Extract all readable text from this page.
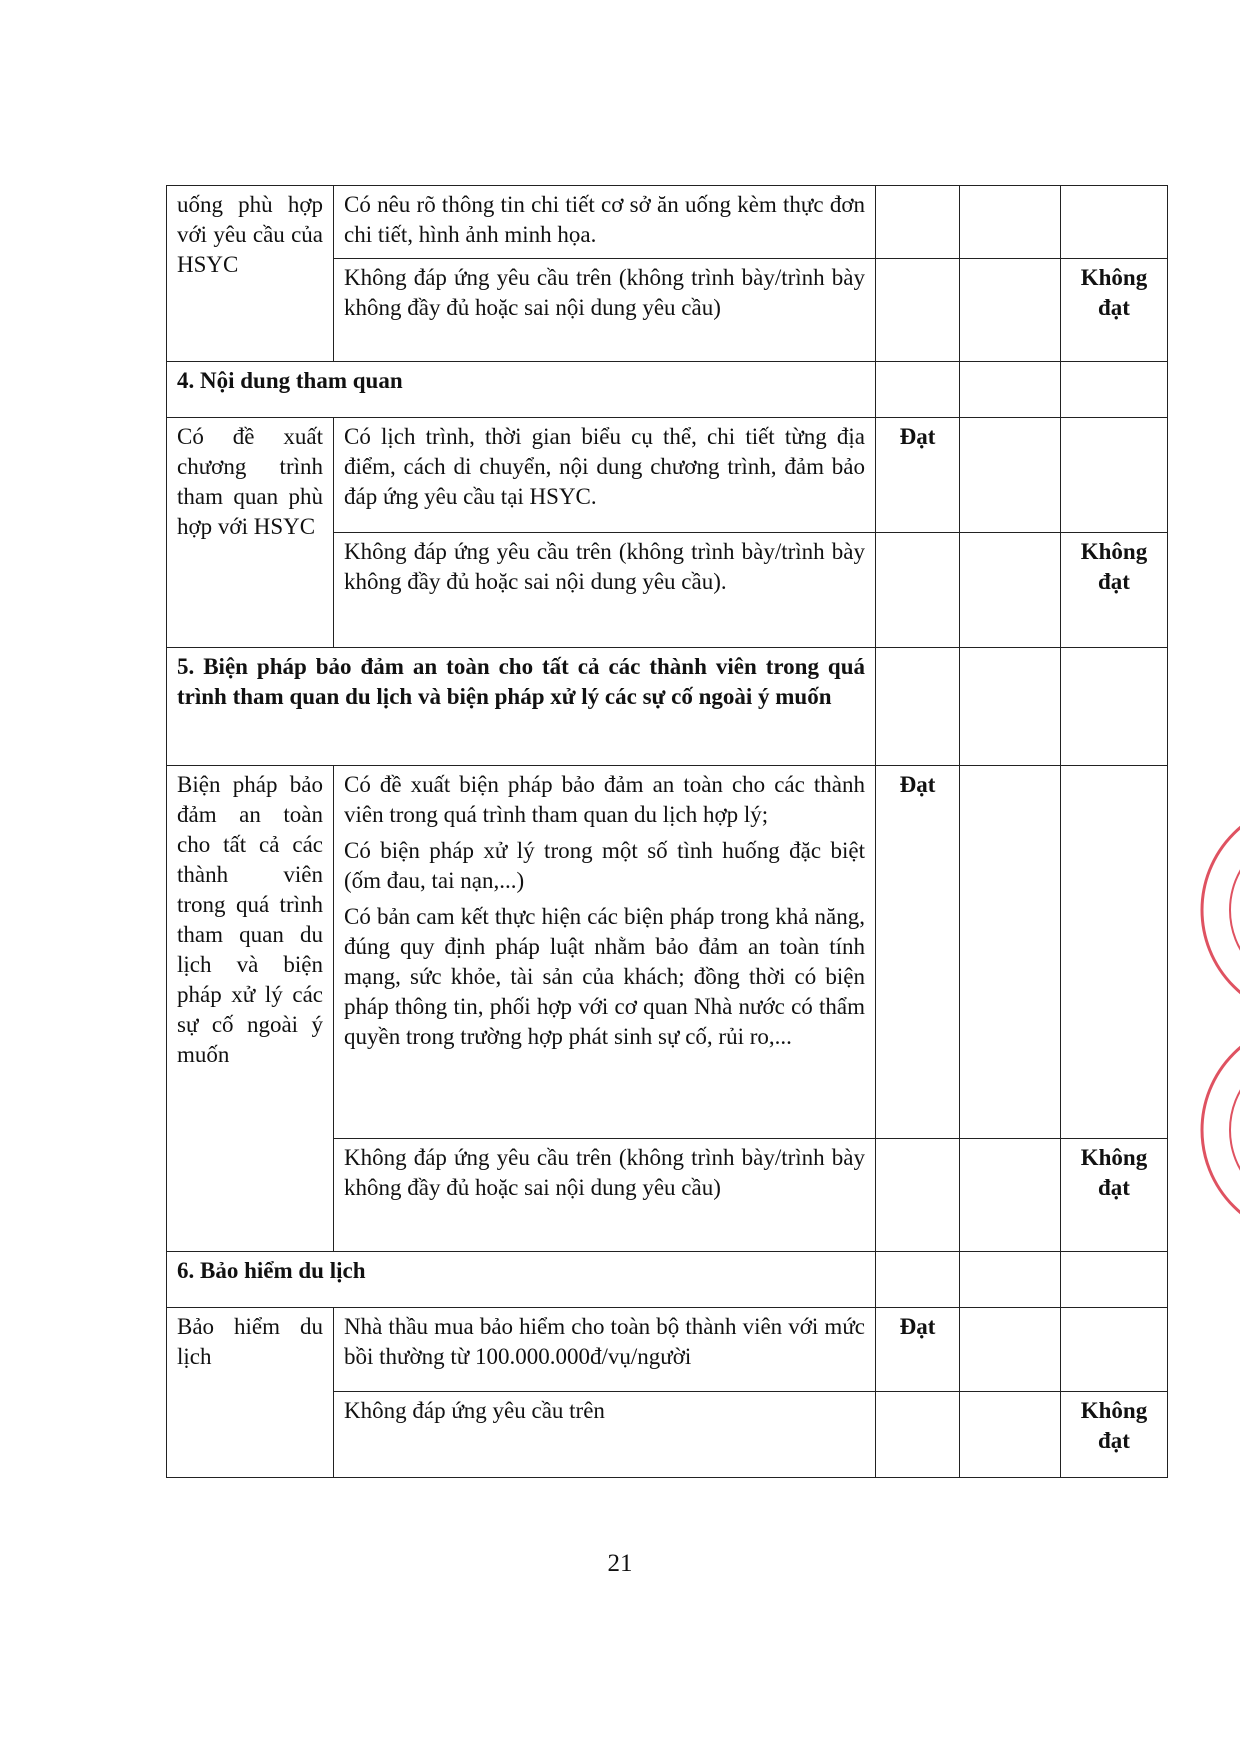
uống phù hợp với yêu cầu của HSYC	Có nêu rõ thông tin chi tiết cơ sở ăn uống kèm thực đơn chi tiết, hình ảnh minh họa.			
	Không đáp ứng yêu cầu trên (không trình bày/trình bày không đầy đủ hoặc sai nội dung yêu cầu)			Không đạt
4. Nội dung tham quan				
Có đề xuất chương trình tham quan phù hợp với HSYC	Có lịch trình, thời gian biểu cụ thể, chi tiết từng địa điểm, cách di chuyển, nội dung chương trình, đảm bảo đáp ứng yêu cầu tại HSYC.	Đạt		
	Không đáp ứng yêu cầu trên (không trình bày/trình bày không đầy đủ hoặc sai nội dung yêu cầu).			Không đạt
5. Biện pháp bảo đảm an toàn cho tất cả các thành viên trong quá trình tham quan du lịch và biện pháp xử lý các sự cố ngoài ý muốn				
Biện pháp bảo đảm an toàn cho tất cả các thành viên trong quá trình tham quan du lịch và biện pháp xử lý các sự cố ngoài ý muốn	Có đề xuất biện pháp bảo đảm an toàn cho các thành viên trong quá trình tham quan du lịch hợp lý;

Có biện pháp xử lý trong một số tình huống đặc biệt (ốm đau, tai nạn,...)

Có bản cam kết thực hiện các biện pháp trong khả năng, đúng quy định pháp luật nhằm bảo đảm an toàn tính mạng, sức khỏe, tài sản của khách; đồng thời có biện pháp thông tin, phối hợp với cơ quan Nhà nước có thẩm quyền trong trường hợp phát sinh sự cố, rủi ro,...	Đạt		
	Không đáp ứng yêu cầu trên (không trình bày/trình bày không đầy đủ hoặc sai nội dung yêu cầu)			Không đạt
6. Bảo hiểm du lịch				
Bảo hiểm du lịch	Nhà thầu mua bảo hiểm cho toàn bộ thành viên với mức bồi thường từ 100.000.000đ/vụ/người	Đạt		
	Không đáp ứng yêu cầu trên			Không đạt
21
